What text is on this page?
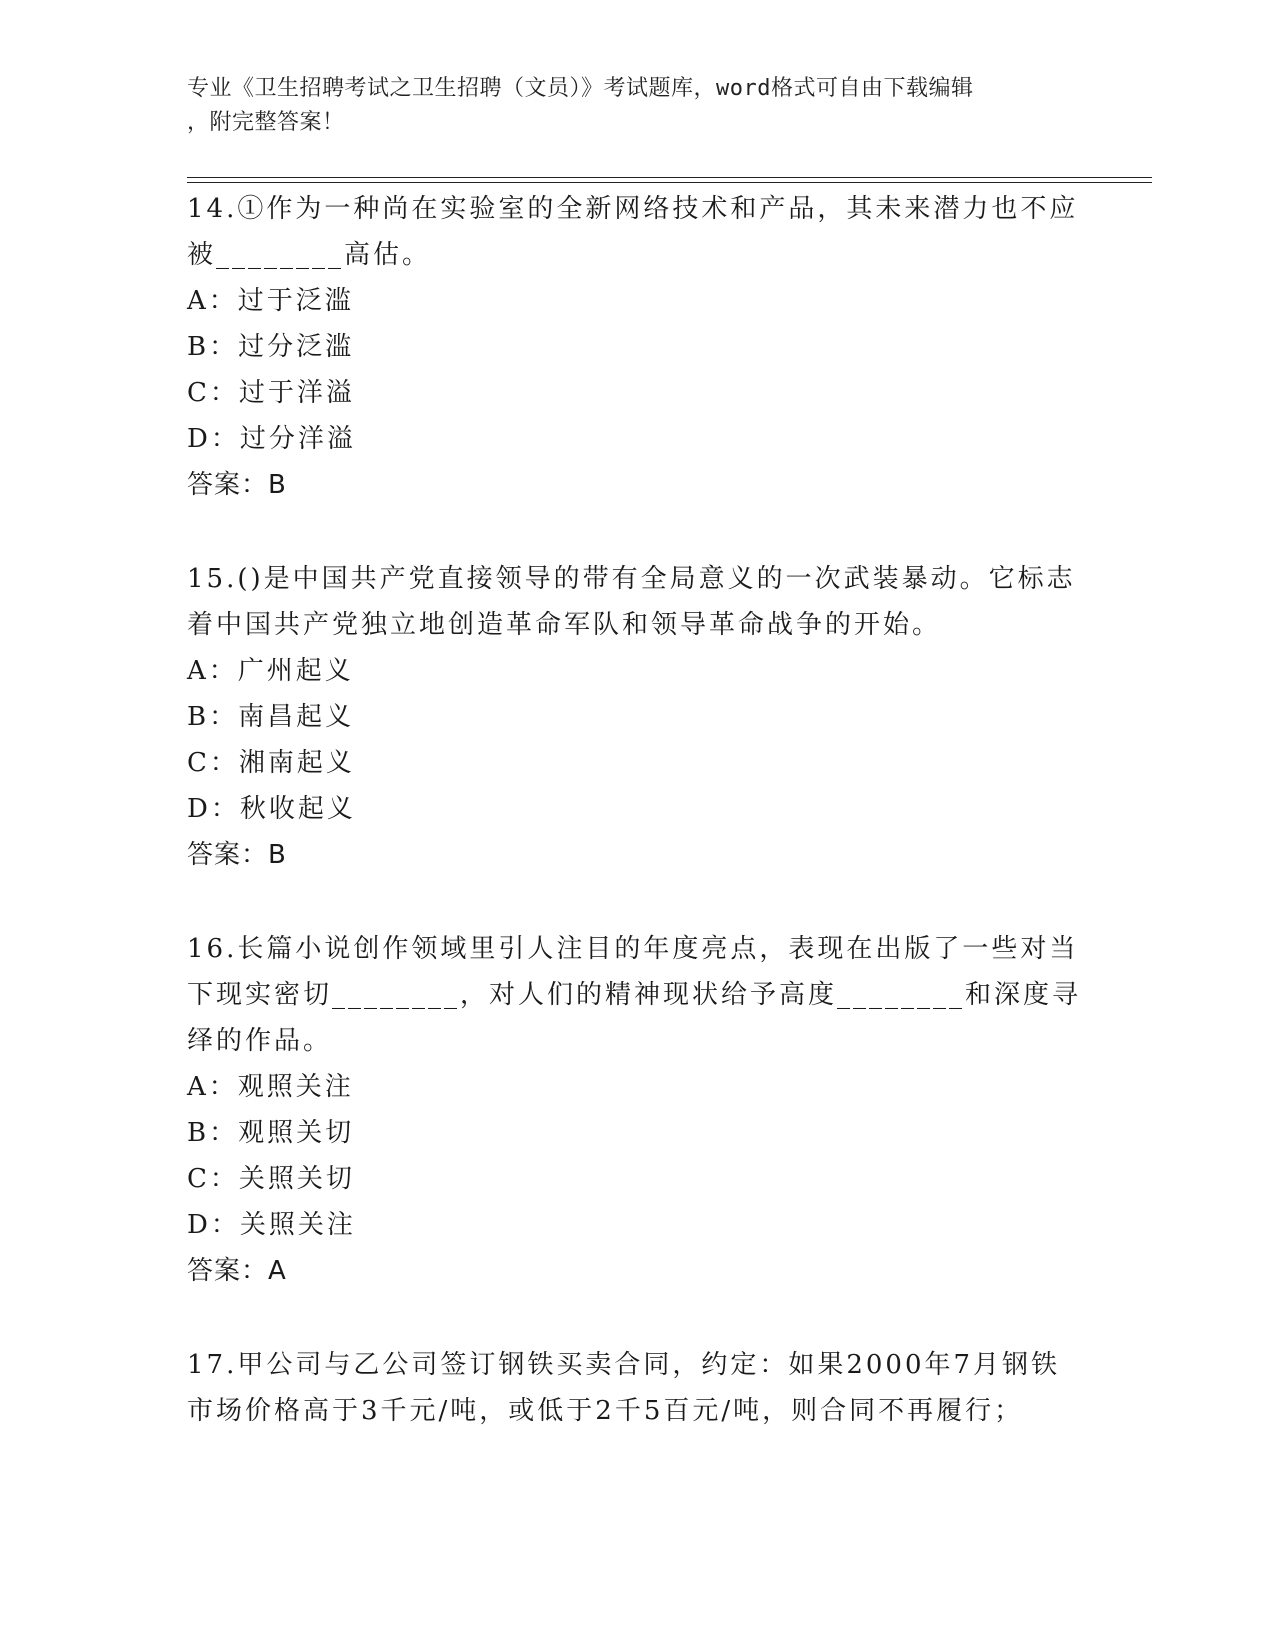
专业《卫生招聘考试之卫生招聘（文员）》考试题库，word格式可自由下载编辑
，附完整答案！

14.①作为一种尚在实验室的全新网络技术和产品，其未来潜力也不应被________高估。

A：过于泛滥

B：过分泛滥

C：过于洋溢

D：过分洋溢

答案：B

15.()是中国共产党直接领导的带有全局意义的一次武装暴动。它标志着中国共产党独立地创造革命军队和领导革命战争的开始。

A：广州起义

B：南昌起义

C：湘南起义

D：秋收起义

答案：B

16.长篇小说创作领域里引人注目的年度亮点，表现在出版了一些对当下现实密切________，对人们的精神现状给予高度________和深度寻绎的作品。

A：观照关注

B：观照关切

C：关照关切

D：关照关注

答案：A

17.甲公司与乙公司签订钢铁买卖合同，约定：如果2000年7月钢铁市场价格高于3千元/吨，或低于2千5百元/吨，则合同不再履行；
